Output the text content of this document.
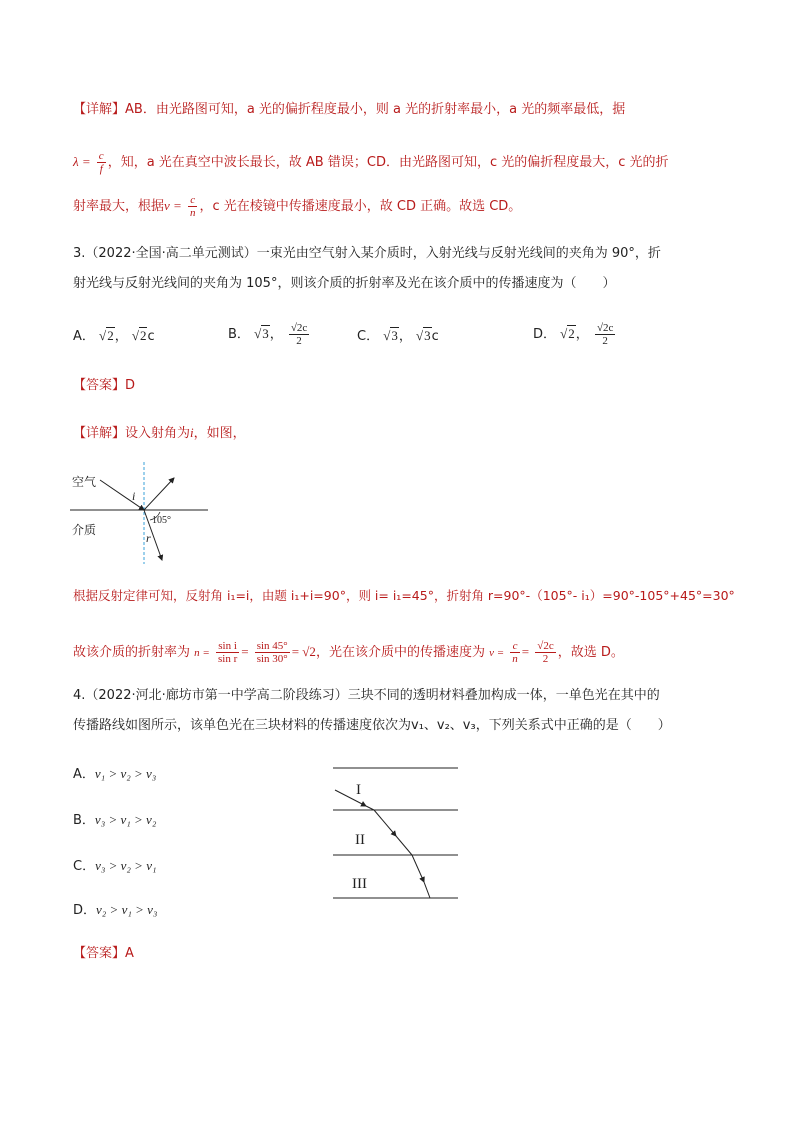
【详解】AB．由光路图可知，a 光的偏折程度最小，则 a 光的折射率最小，a 光的频率最低，据
$\lambda = \frac{c}{f}$ ，知，a 光在真空中波长最长，故 AB 错误；CD．由光路图可知，c 光的偏折程度最大，c 光的折
射率最大，根据$v = \frac{c}{n}$ ，c 光在棱镜中传播速度最小，故 CD 正确。故选 CD。
3.（2022·全国·高二单元测试）一束光由空气射入某介质时，入射光线与反射光线间的夹角为 90°，折
射光线与反射光线间的夹角为 105°，则该介质的折射率及光在该介质中的传播速度为（　　）
A． √2， √2c	B． √3， $\frac{√2c}{2}$	C． √3， √3c	D． √2， $\frac{√2c}{2}$
【答案】D
【详解】设入射角为i，如图，
空气
介质
i
r
105°
根据反射定律可知，反射角 i₁=i，由题 i₁+i=90°，则 i= i₁=45°，折射角 r=90°-（105°- i₁）=90°-105°+45°=30°
故该介质的折射率为 $n = \frac{\text{sin i}}{\text{sin r}} = \frac{\sin 45^\circ}{\sin 30^\circ} = √2$，光在该介质中的传播速度为 $v = \frac{c}{n} = \frac{√2c}{2}$ ，故选 D。
4.（2022·河北·廊坊市第一中学高二阶段练习）三块不同的透明材料叠加构成一体，一单色光在其中的
传播路线如图所示，该单色光在三块材料的传播速度依次为v₁、v₂、v₃，下列关系式中正确的是（　　）
A．v₁ > v₂ > v₃
B．v₃ > v₁ > v₂
C．v₃ > v₂ > v₁
D．v₂ > v₁ > v₃
I
II
III
【答案】A
